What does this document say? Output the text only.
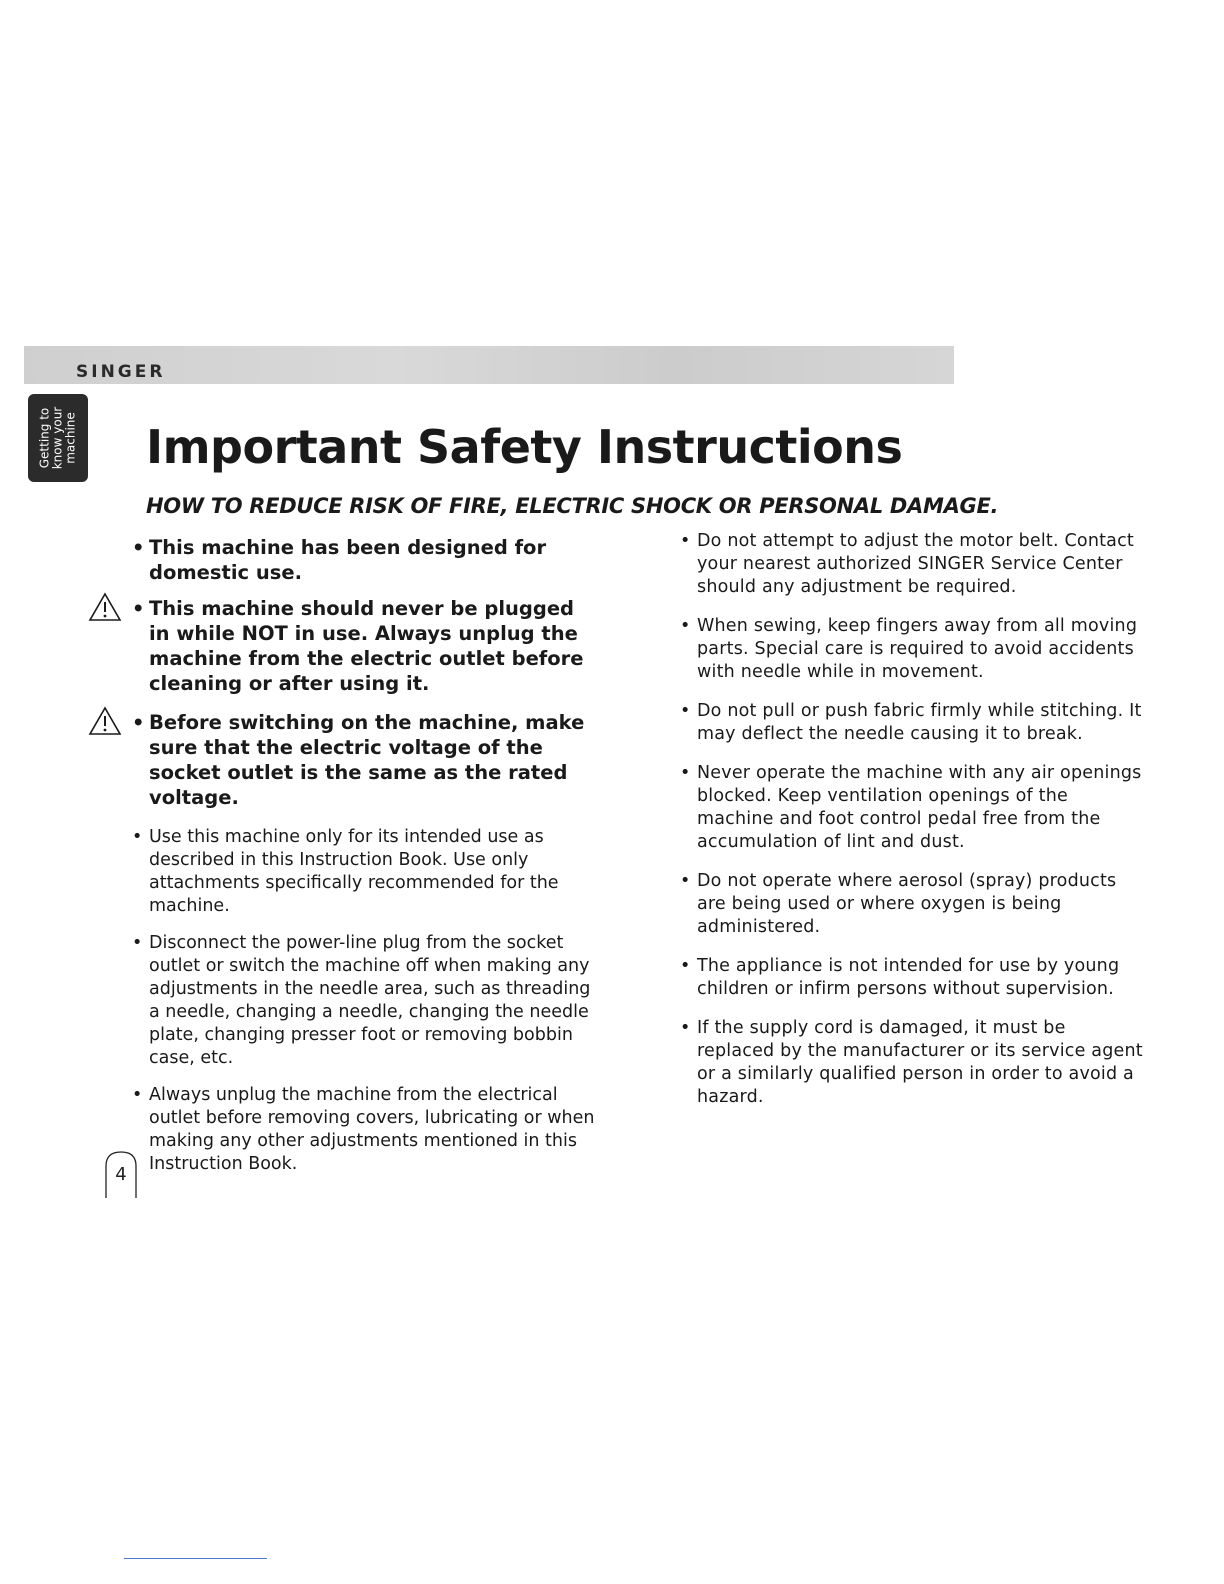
SINGER
Getting to know your machine Important Safety Instructions
HOW TO REDUCE RISK OF FIRE, ELECTRIC SHOCK OR PERSONAL DAMAGE.
• This machine has been designed for domestic use.
• This machine should never be plugged in while NOT in use. Always unplug the machine from the electric outlet before cleaning or after using it.
• Before switching on the machine, make sure that the electric voltage of the socket outlet is the same as the rated voltage.
• Use this machine only for its intended use as described in this Instruction Book. Use only attachments specifically recommended for the machine.
• Disconnect the power-line plug from the socket outlet or switch the machine off when making any adjustments in the needle area, such as threading a needle, changing a needle, changing the needle plate, changing presser foot or removing bobbin case, etc.
• Always unplug the machine from the electrical outlet before removing covers, lubricating or when making any other adjustments mentioned in this Instruction Book.
• Do not attempt to adjust the motor belt. Contact your nearest authorized SINGER Service Center should any adjustment be required.
• When sewing, keep fingers away from all moving parts. Special care is required to avoid accidents with needle while in movement.
• Do not pull or push fabric firmly while stitching. It may deflect the needle causing it to break.
• Never operate the machine with any air openings blocked. Keep ventilation openings of the machine and foot control pedal free from the accumulation of lint and dust.
• Do not operate where aerosol (spray) products are being used or where oxygen is being administered.
• The appliance is not intended for use by young children or infirm persons without supervision.
• If the supply cord is damaged, it must be replaced by the manufacturer or its service agent or a similarly qualified person in order to avoid a hazard.
4
